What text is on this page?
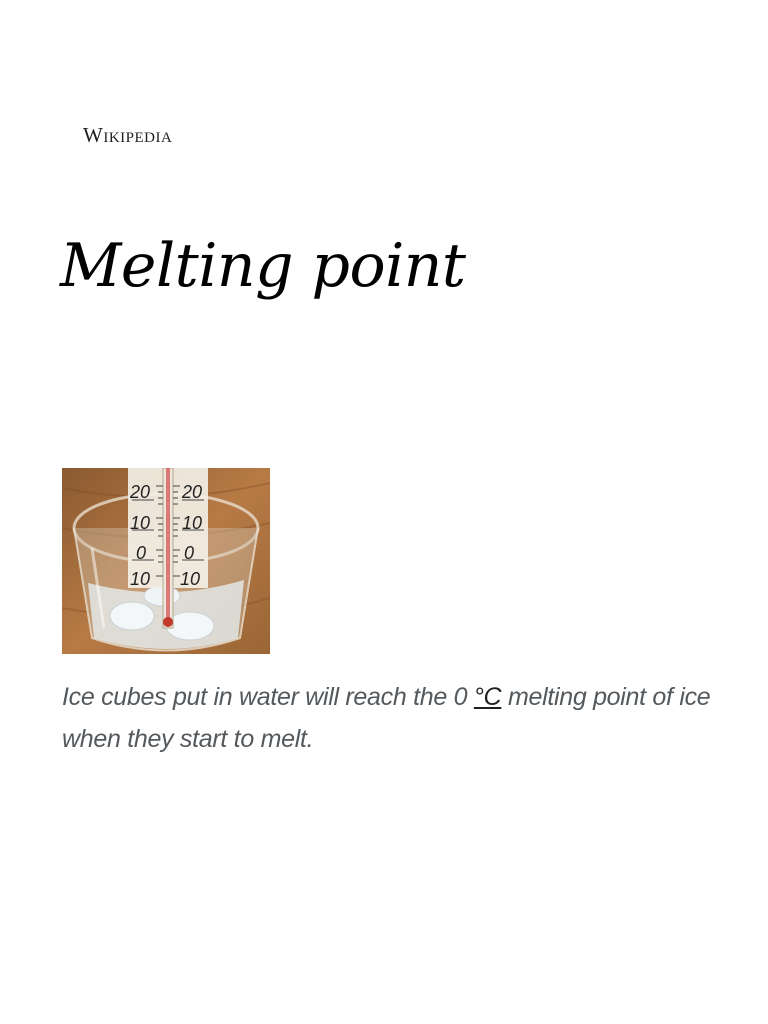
Wikipedia
Melting point
20 20
10 10
0 0
10 10
Ice cubes put in water will reach the 0 °C melting point of ice when they start to melt.
